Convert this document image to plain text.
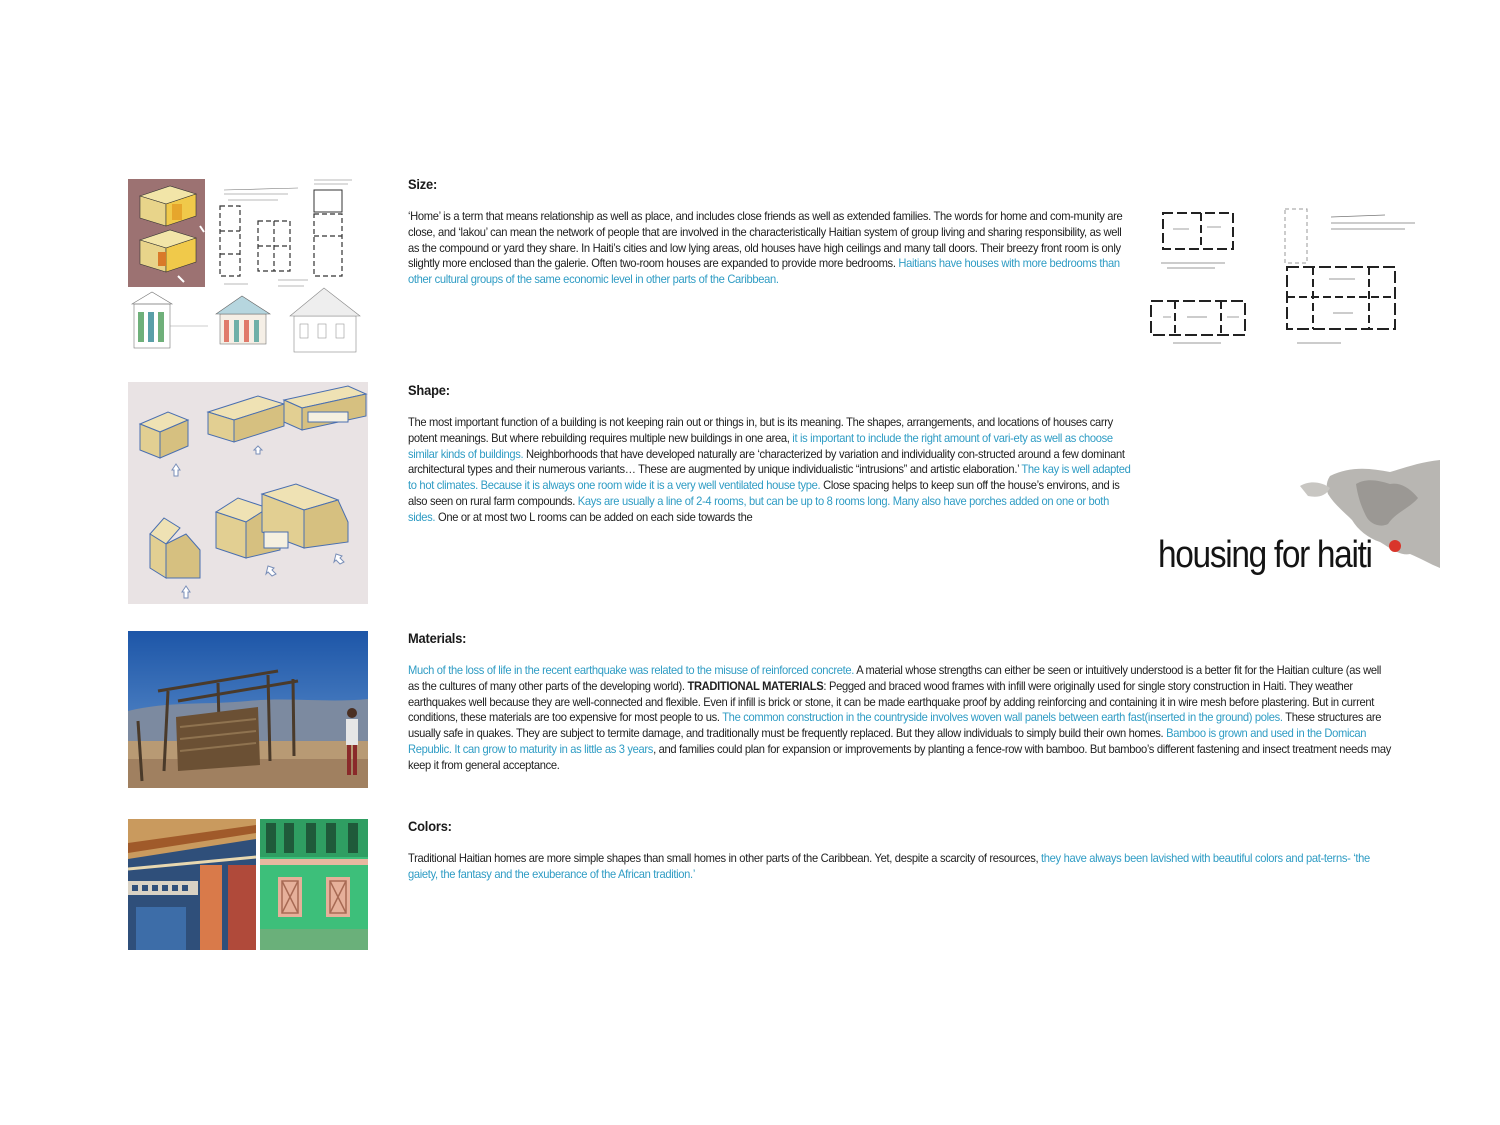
Size:
‘Home’ is a term that means relationship as well as place, and includes close friends as well as extended families. The words for home and com-munity are close, and ‘lakou’ can mean the network of people that are involved in the characteristically Haitian system of group living and sharing responsibility, as well as the compound or yard they share. In Haiti’s cities and low lying areas, old houses have high ceilings and many tall doors. Their breezy front room is only slightly more enclosed than the galerie. Often two-room houses are expanded to provide more bedrooms. Haitians have houses with more bedrooms than other cultural groups of the same economic level in other parts of the Caribbean.
Shape:
The most important function of a building is not keeping rain out or things in, but is its meaning. The shapes, arrangements, and locations of houses carry potent meanings. But where rebuilding requires multiple new buildings in one area, it is important to include the right amount of vari-ety as well as choose similar kinds of buildings. Neighborhoods that have developed naturally are ‘characterized by variation and individuality con-structed around a few dominant architectural types and their numerous variants… These are augmented by unique individualistic “intrusions” and artistic elaboration.’ The kay is well adapted to hot climates. Because it is always one room wide it is a very well ventilated house type. Close spacing helps to keep sun off the house’s environs, and is also seen on rural farm compounds. Kays are usually a line of 2-4 rooms, but can be up to 8 rooms long. Many also have porches added on one or both sides. One or at most two L rooms can be added on each side towards the
housing for haiti
Materials:
Much of the loss of life in the recent earthquake was related to the misuse of reinforced concrete. A material whose strengths can either be seen or intuitively understood is a better fit for the Haitian culture (as well as the cultures of many other parts of the developing world). TRADITIONAL MATERIALS: Pegged and braced wood frames with infill were originally used for single story construction in Haiti. They weather earthquakes well because they are well-connected and flexible. Even if infill is brick or stone, it can be made earthquake proof by adding reinforcing and containing it in wire mesh before plastering. But in current conditions, these materials are too expensive for most people to us. The common construction in the countryside involves woven wall panels between earth fast(inserted in the ground) poles. These structures are usually safe in quakes. They are subject to termite damage, and traditionally must be frequently replaced. But they allow individuals to simply build their own homes. Bamboo is grown and used in the Domican Republic. It can grow to maturity in as little as 3 years, and families could plan for expansion or improvements by planting a fence-row with bamboo. But bamboo’s different fastening and insect treatment needs may keep it from general acceptance.
Colors:
Traditional Haitian homes are more simple shapes than small homes in other parts of the Caribbean. Yet, despite a scarcity of resources, they have always been lavished with beautiful colors and pat-terns- ‘the gaiety, the fantasy and the exuberance of the African tradition.’
